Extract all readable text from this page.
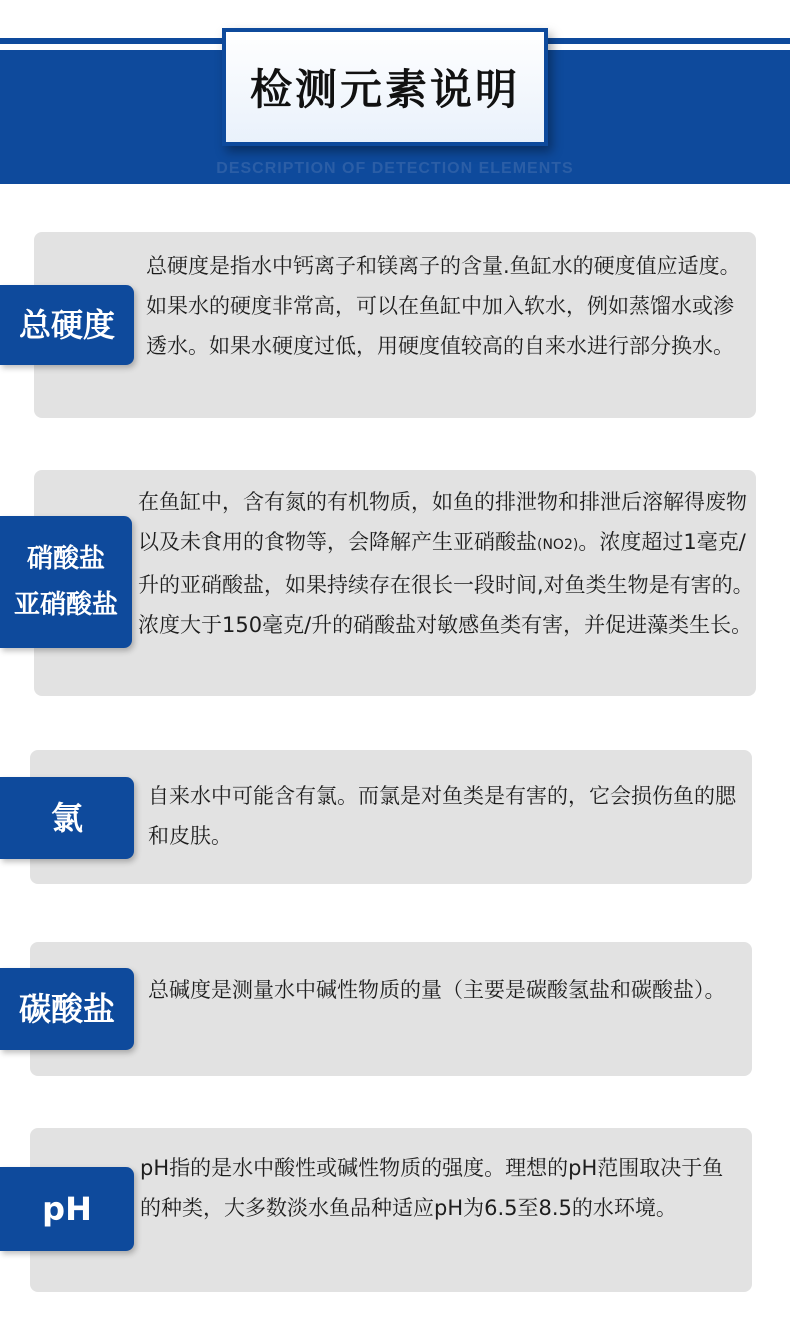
检测元素说明
DESCRIPTION OF DETECTION ELEMENTS
总硬度是指水中钙离子和镁离子的含量.鱼缸水的硬度值应适度。如果水的硬度非常高，可以在鱼缸中加入软水，例如蒸馏水或渗透水。如果水硬度过低，用硬度值较高的自来水进行部分换水。
总硬度
在鱼缸中，含有氮的有机物质，如鱼的排泄物和排泄后溶解得废物以及未食用的食物等，会降解产生亚硝酸盐(NO2)。浓度超过1毫克/升的亚硝酸盐，如果持续存在很长一段时间,对鱼类生物是有害的。浓度大于150毫克/升的硝酸盐对敏感鱼类有害，并促进藻类生长。
硝酸盐
亚硝酸盐
自来水中可能含有氯。而氯是对鱼类是有害的，它会损伤鱼的腮和皮肤。
氯
总碱度是测量水中碱性物质的量（主要是碳酸氢盐和碳酸盐）。
碳酸盐
pH指的是水中酸性或碱性物质的强度。理想的pH范围取决于鱼的种类，大多数淡水鱼品种适应pH为6.5至8.5的水环境。
pH
